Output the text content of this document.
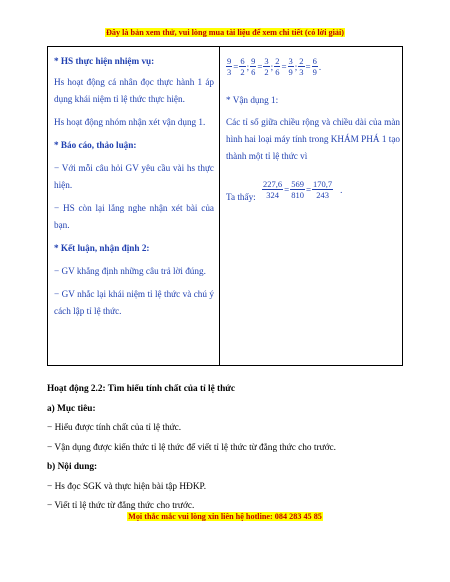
Đây là bản xem thử, vui lòng mua tài liệu để xem chi tiết (có lời giải)

* HS thực hiện nhiệm vụ:

Hs hoạt động cá nhân đọc thực hành 1 áp dụng khái niệm tỉ lệ thức thực hiện.

Hs hoạt động nhóm nhận xét vận dụng 1.

* Báo cáo, thảo luận:

− Với mỗi câu hỏi GV yêu cầu vài hs thực hiện.

− HS còn lại lắng nghe nhận xét bài của bạn.

* Kết luận, nhận định 2:

− GV khẳng định những câu trả lời đúng.

− GV nhắc lại khái niệm tỉ lệ thức và chú ý cách lập tỉ lệ thức.

$\frac{9}{3} = \frac{6}{2}$ ; $\frac{9}{6} = \frac{3}{2}$ ; $\frac{2}{6} = \frac{3}{9}$ ; $\frac{2}{3} = \frac{6}{9}$ .

* Vận dụng 1:

Các tỉ số giữa chiều rộng và chiều dài của màn hình hai loại máy tính trong KHÁM PHÁ 1 tạo thành một tỉ lệ thức vì

Ta thấy: $\frac{227,6}{324} = \frac{569}{810} = \frac{170,7}{243}$ .

Hoạt động 2.2: Tìm hiểu tính chất của tỉ lệ thức

a) Mục tiêu:

− Hiểu được tính chất của tỉ lệ thức.

− Vận dụng được kiến thức tỉ lệ thức để viết tỉ lệ thức từ đẳng thức cho trước.

b) Nội dung:

− Hs đọc SGK và thực hiện bài tập HĐKP.

− Viết tỉ lệ thức từ đẳng thức cho trước.

Mọi thắc mắc vui lòng xin liên hệ hotline: 084 283 45 85
